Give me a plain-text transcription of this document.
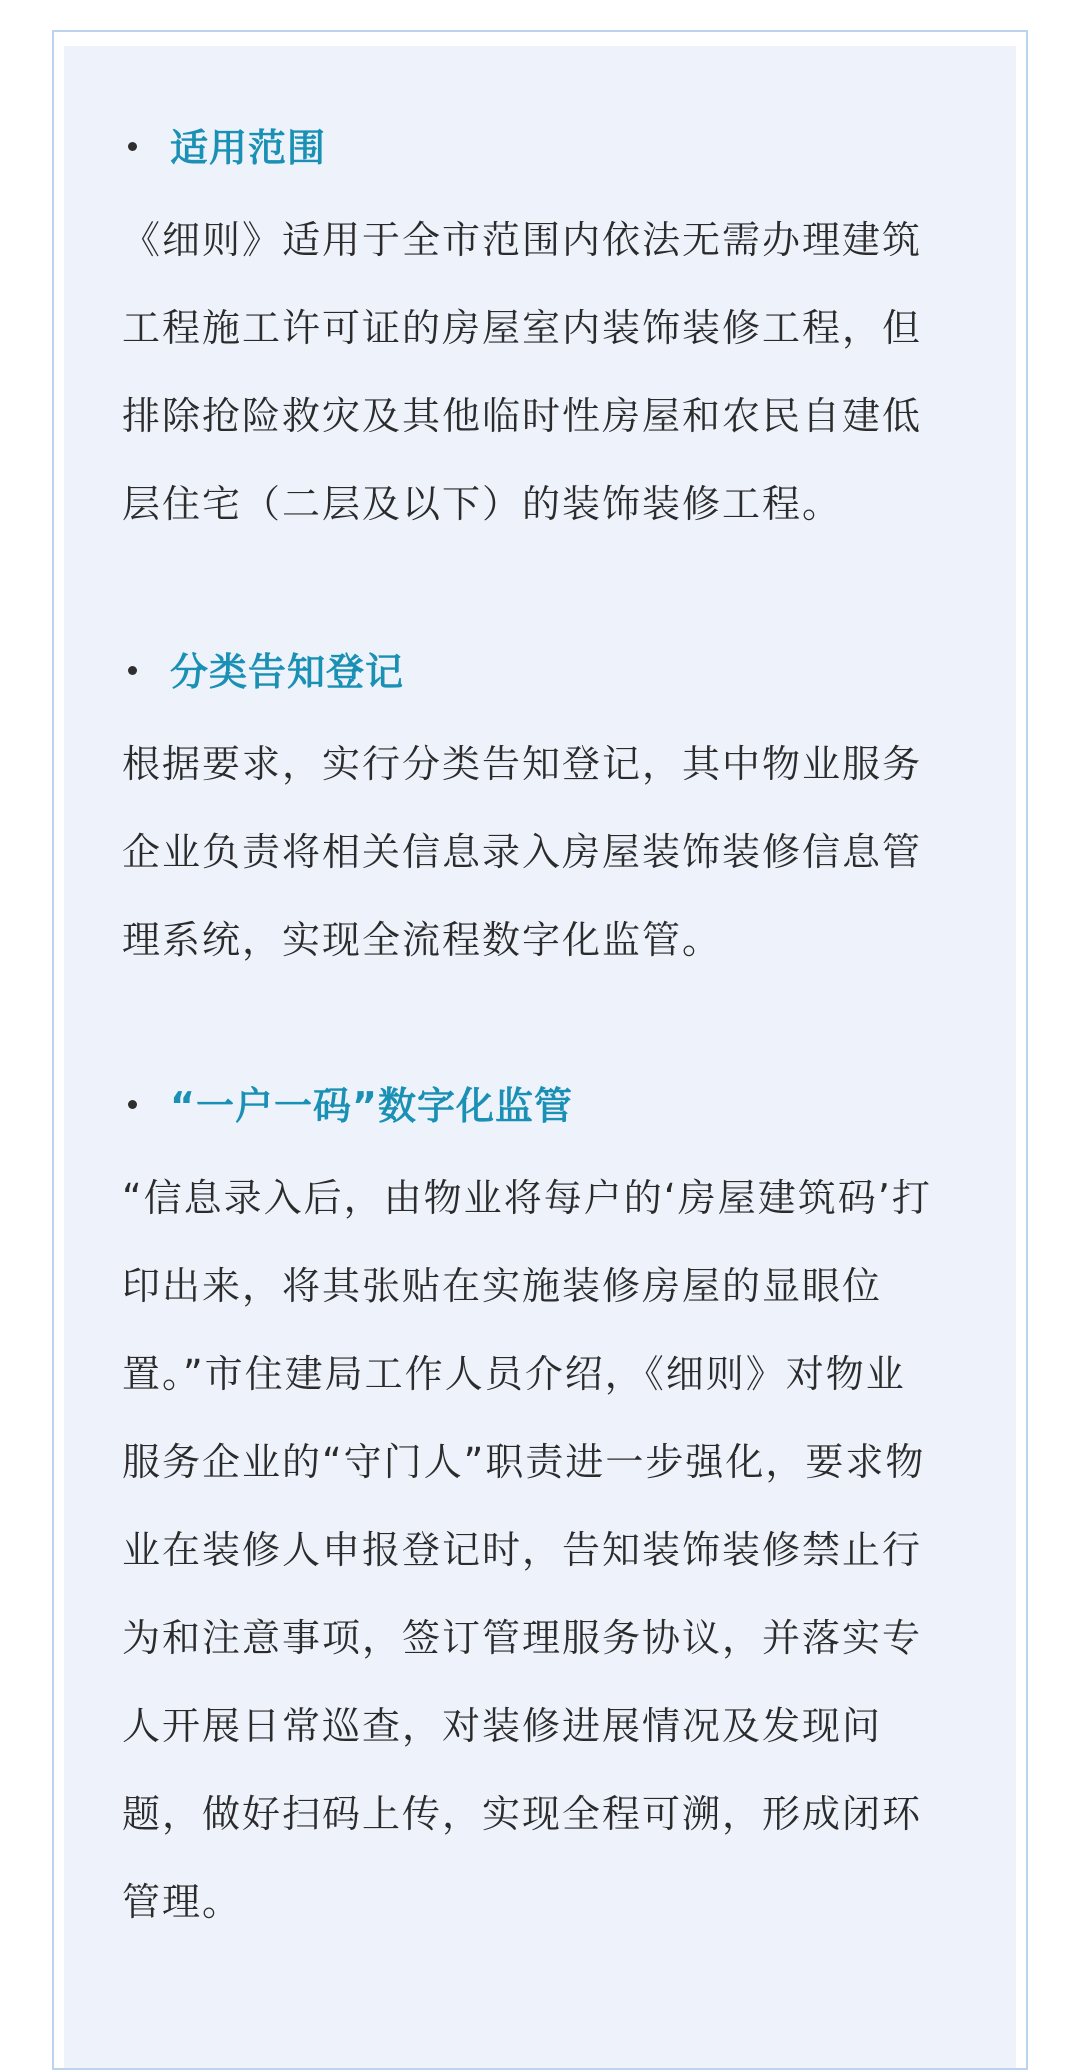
适用范围
《细则》适用于全市范围内依法无需办理建筑
工程施工许可证的房屋室内装饰装修工程，但
排除抢险救灾及其他临时性房屋和农民自建低
层住宅（二层及以下）的装饰装修工程。
分类告知登记
根据要求，实行分类告知登记，其中物业服务
企业负责将相关信息录入房屋装饰装修信息管
理系统，实现全流程数字化监管。
“一户一码”数字化监管
“信息录入后，由物业将每户的‘房屋建筑码’打
印出来，将其张贴在实施装修房屋的显眼位
置。”市住建局工作人员介绍，《细则》对物业
服务企业的“守门人”职责进一步强化，要求物
业在装修人申报登记时，告知装饰装修禁止行
为和注意事项，签订管理服务协议，并落实专
人开展日常巡查，对装修进展情况及发现问
题，做好扫码上传，实现全程可溯，形成闭环
管理。
